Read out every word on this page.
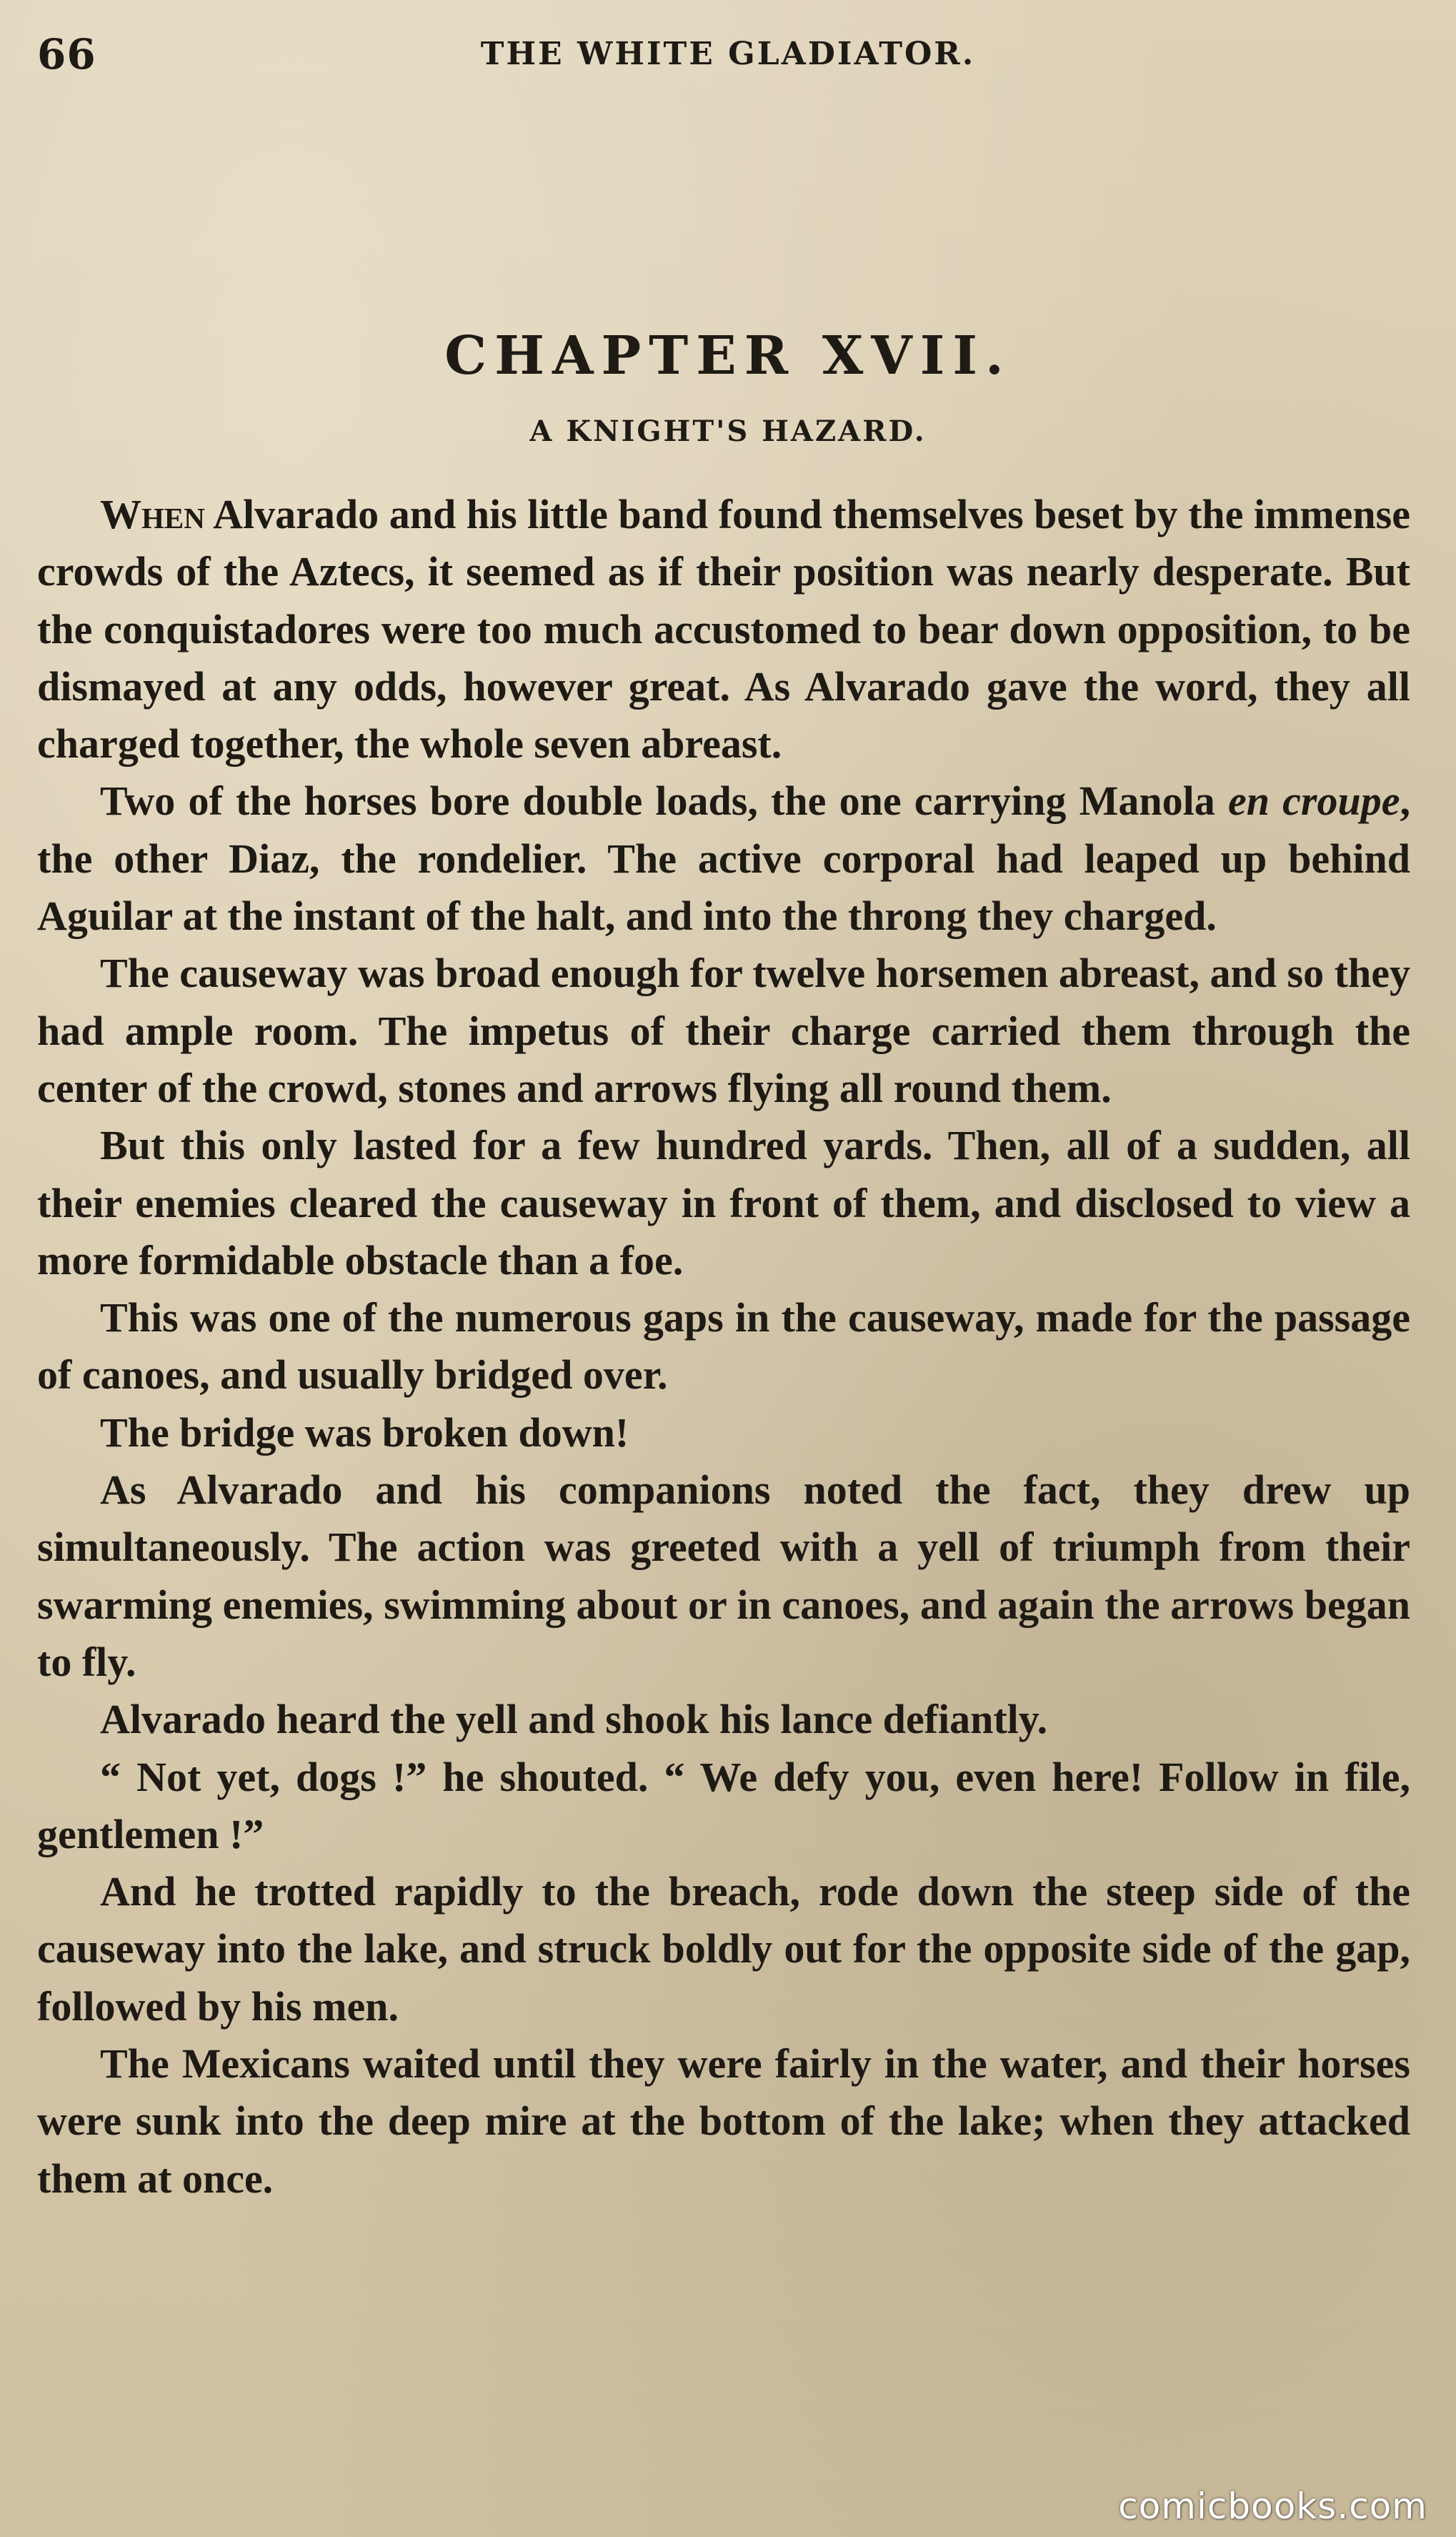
66	THE WHITE GLADIATOR.
CHAPTER XVII.
A KNIGHT'S HAZARD.

When Alvarado and his little band found themselves beset by the immense crowds of the Aztecs, it seemed as if their position was nearly desperate. But the conquistadores were too much accustomed to bear down opposition, to be dismayed at any odds, however great. As Alvarado gave the word, they all charged together, the whole seven abreast.

Two of the horses bore double loads, the one carrying Manola en croupe, the other Diaz, the rondelier. The active corporal had leaped up behind Aguilar at the instant of the halt, and into the throng they charged.

The causeway was broad enough for twelve horsemen abreast, and so they had ample room. The impetus of their charge carried them through the center of the crowd, stones and arrows flying all round them.

But this only lasted for a few hundred yards. Then, all of a sudden, all their enemies cleared the causeway in front of them, and disclosed to view a more formidable obstacle than a foe.

This was one of the numerous gaps in the causeway, made for the passage of canoes, and usually bridged over.

The bridge was broken down!

As Alvarado and his companions noted the fact, they drew up simultaneously. The action was greeted with a yell of triumph from their swarming enemies, swimming about or in canoes, and again the arrows began to fly.

Alvarado heard the yell and shook his lance defiantly.

“ Not yet, dogs !” he shouted. “ We defy you, even here! Follow in file, gentlemen !”

And he trotted rapidly to the breach, rode down the steep side of the causeway into the lake, and struck boldly out for the opposite side of the gap, followed by his men.

The Mexicans waited until they were fairly in the water, and their horses were sunk into the deep mire at the bottom of the lake; when they attacked them at once.

comicbooks.com
